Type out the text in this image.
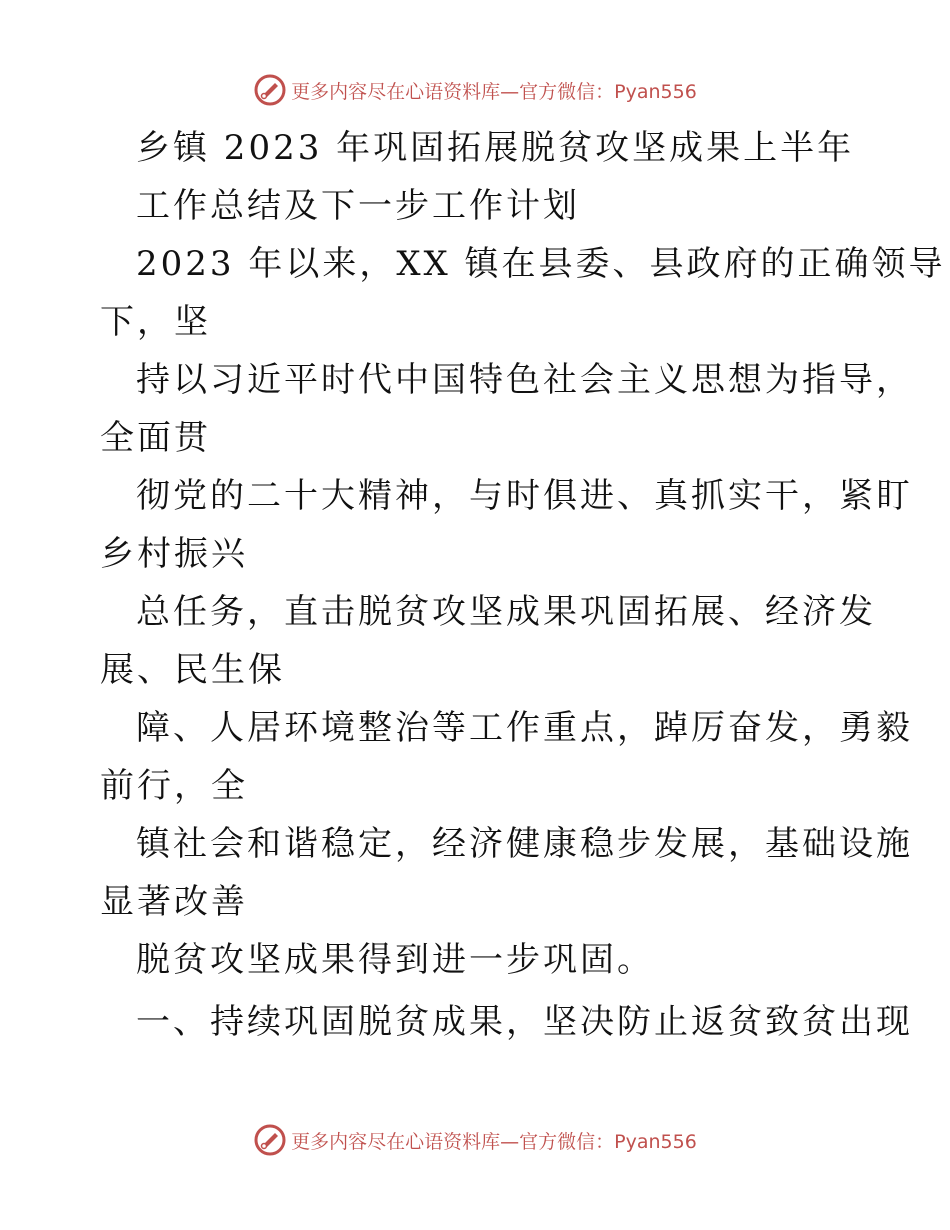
更多内容尽在心语资料库—官方微信：Pyan556
乡镇 2023 年巩固拓展脱贫攻坚成果上半年
工作总结及下一步工作计划
2023 年以来，XX 镇在县委、县政府的正确领导
下，坚
持以习近平时代中国特色社会主义思想为指导，
全面贯
彻党的二十大精神，与时俱进、真抓实干，紧盯
乡村振兴
总任务，直击脱贫攻坚成果巩固拓展、经济发
展、民生保
障、人居环境整治等工作重点，踔厉奋发，勇毅
前行，全
镇社会和谐稳定，经济健康稳步发展，基础设施
显著改善
脱贫攻坚成果得到进一步巩固。
一、持续巩固脱贫成果，坚决防止返贫致贫出现
更多内容尽在心语资料库—官方微信：Pyan556
